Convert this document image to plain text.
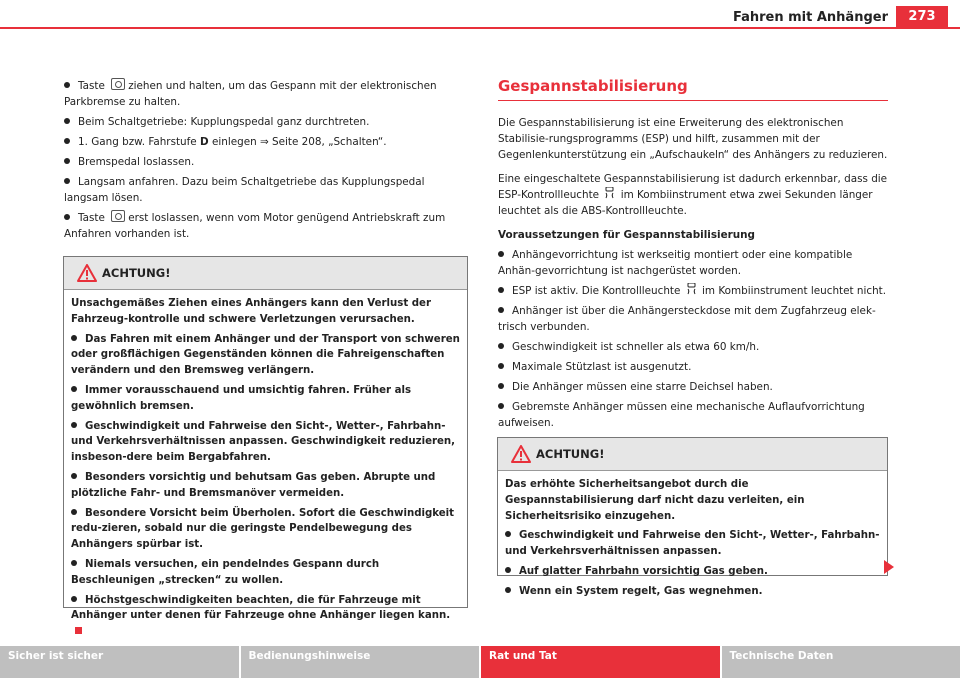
Fahren mit Anhänger	273
Taste ziehen und halten, um das Gespann mit der elektronischen Parkbremse zu halten.
Beim Schaltgetriebe: Kupplungspedal ganz durchtreten.
1. Gang bzw. Fahrstufe D einlegen ⇒ Seite 208, „Schalten“.
Bremspedal loslassen.
Langsam anfahren. Dazu beim Schaltgetriebe das Kupplungspedal langsam lösen.
Taste erst loslassen, wenn vom Motor genügend Antriebskraft zum Anfahren vorhanden ist.
ACHTUNG!
Unsachgemäßes Ziehen eines Anhängers kann den Verlust der Fahrzeug-kontrolle und schwere Verletzungen verursachen.
Das Fahren mit einem Anhänger und der Transport von schweren oder großflächigen Gegenständen können die Fahreigenschaften verändern und den Bremsweg verlängern.
Immer vorausschauend und umsichtig fahren. Früher als gewöhnlich bremsen.
Geschwindigkeit und Fahrweise den Sicht-, Wetter-, Fahrbahn- und Verkehrsverhältnissen anpassen. Geschwindigkeit reduzieren, insbeson-dere beim Bergabfahren.
Besonders vorsichtig und behutsam Gas geben. Abrupte und plötzliche Fahr- und Bremsmanöver vermeiden.
Besondere Vorsicht beim Überholen. Sofort die Geschwindigkeit redu-zieren, sobald nur die geringste Pendelbewegung des Anhängers spürbar ist.
Niemals versuchen, ein pendelndes Gespann durch Beschleunigen „strecken“ zu wollen.
Höchstgeschwindigkeiten beachten, die für Fahrzeuge mit Anhänger unter denen für Fahrzeuge ohne Anhänger liegen kann.
Gespannstabilisierung
Die Gespannstabilisierung ist eine Erweiterung des elektronischen Stabilisie-rungsprogramms (ESP) und hilft, zusammen mit der Gegenlenkunterstützung ein „Aufschaukeln“ des Anhängers zu reduzieren.
Eine eingeschaltete Gespannstabilisierung ist dadurch erkennbar, dass die ESP-Kontrollleuchte im Kombiinstrument etwa zwei Sekunden länger leuchtet als die ABS-Kontrollleuchte.
Voraussetzungen für Gespannstabilisierung
Anhängevorrichtung ist werkseitig montiert oder eine kompatible Anhän-gevorrichtung ist nachgerüstet worden.
ESP ist aktiv. Die Kontrollleuchte im Kombiinstrument leuchtet nicht.
Anhänger ist über die Anhängersteckdose mit dem Zugfahrzeug elek-trisch verbunden.
Geschwindigkeit ist schneller als etwa 60 km/h.
Maximale Stützlast ist ausgenutzt.
Die Anhänger müssen eine starre Deichsel haben.
Gebremste Anhänger müssen eine mechanische Auflaufvorrichtung aufweisen.
ACHTUNG!
Das erhöhte Sicherheitsangebot durch die Gespannstabilisierung darf nicht dazu verleiten, ein Sicherheitsrisiko einzugehen.
Geschwindigkeit und Fahrweise den Sicht-, Wetter-, Fahrbahn- und Verkehrsverhältnissen anpassen.
Auf glatter Fahrbahn vorsichtig Gas geben.
Wenn ein System regelt, Gas wegnehmen.
Sicher ist sicher	Bedienungshinweise	Rat und Tat	Technische Daten
